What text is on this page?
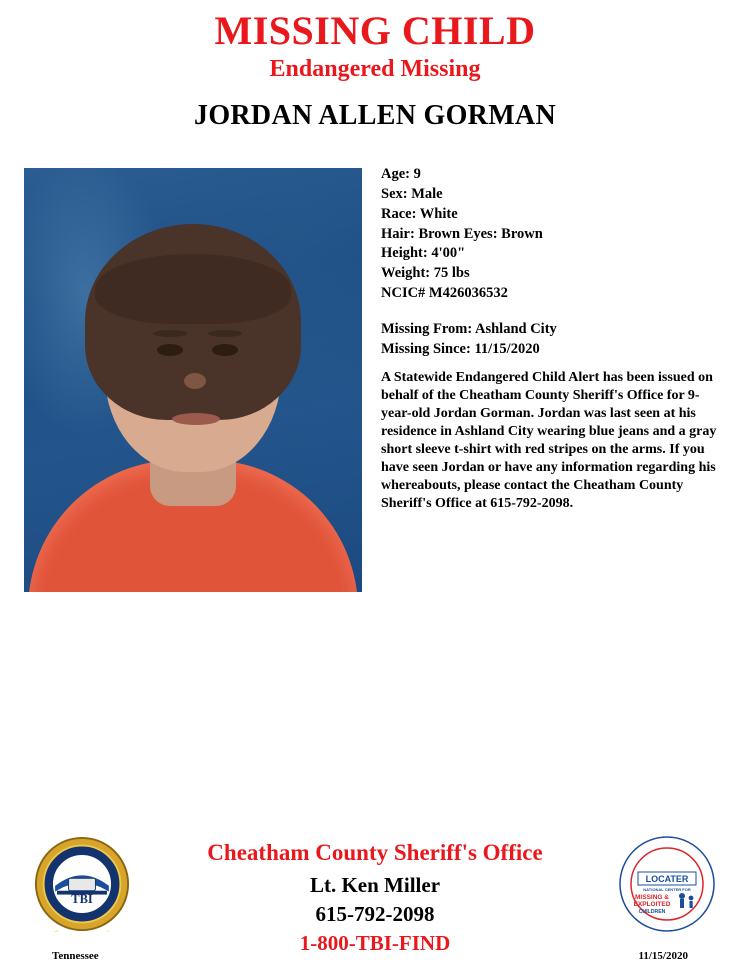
MISSING CHILD
Endangered Missing
JORDAN ALLEN GORMAN
Age: 9
Sex: Male
Race: White
Hair: Brown Eyes: Brown
Height: 4'00"
Weight: 75 lbs
NCIC# M426036532
Missing From: Ashland City
Missing Since: 11/15/2020
A Statewide Endangered Child Alert has been issued on behalf of the Cheatham County Sheriff's Office for 9-year-old Jordan Gorman. Jordan was last seen at his residence in Ashland City wearing blue jeans and a gray short sleeve t-shirt with red stripes on the arms. If you have seen Jordan or have any information regarding his whereabouts, please contact the Cheatham County Sheriff's Office at 615-792-2098.
Cheatham County Sheriff's Office
Lt. Ken Miller
615-792-2098
1-800-TBI-FIND
TBI
LOCATER
NATIONAL CENTER FOR
MISSING &
EXPLOITED
CHILDREN
Tennessee	11/15/2020
